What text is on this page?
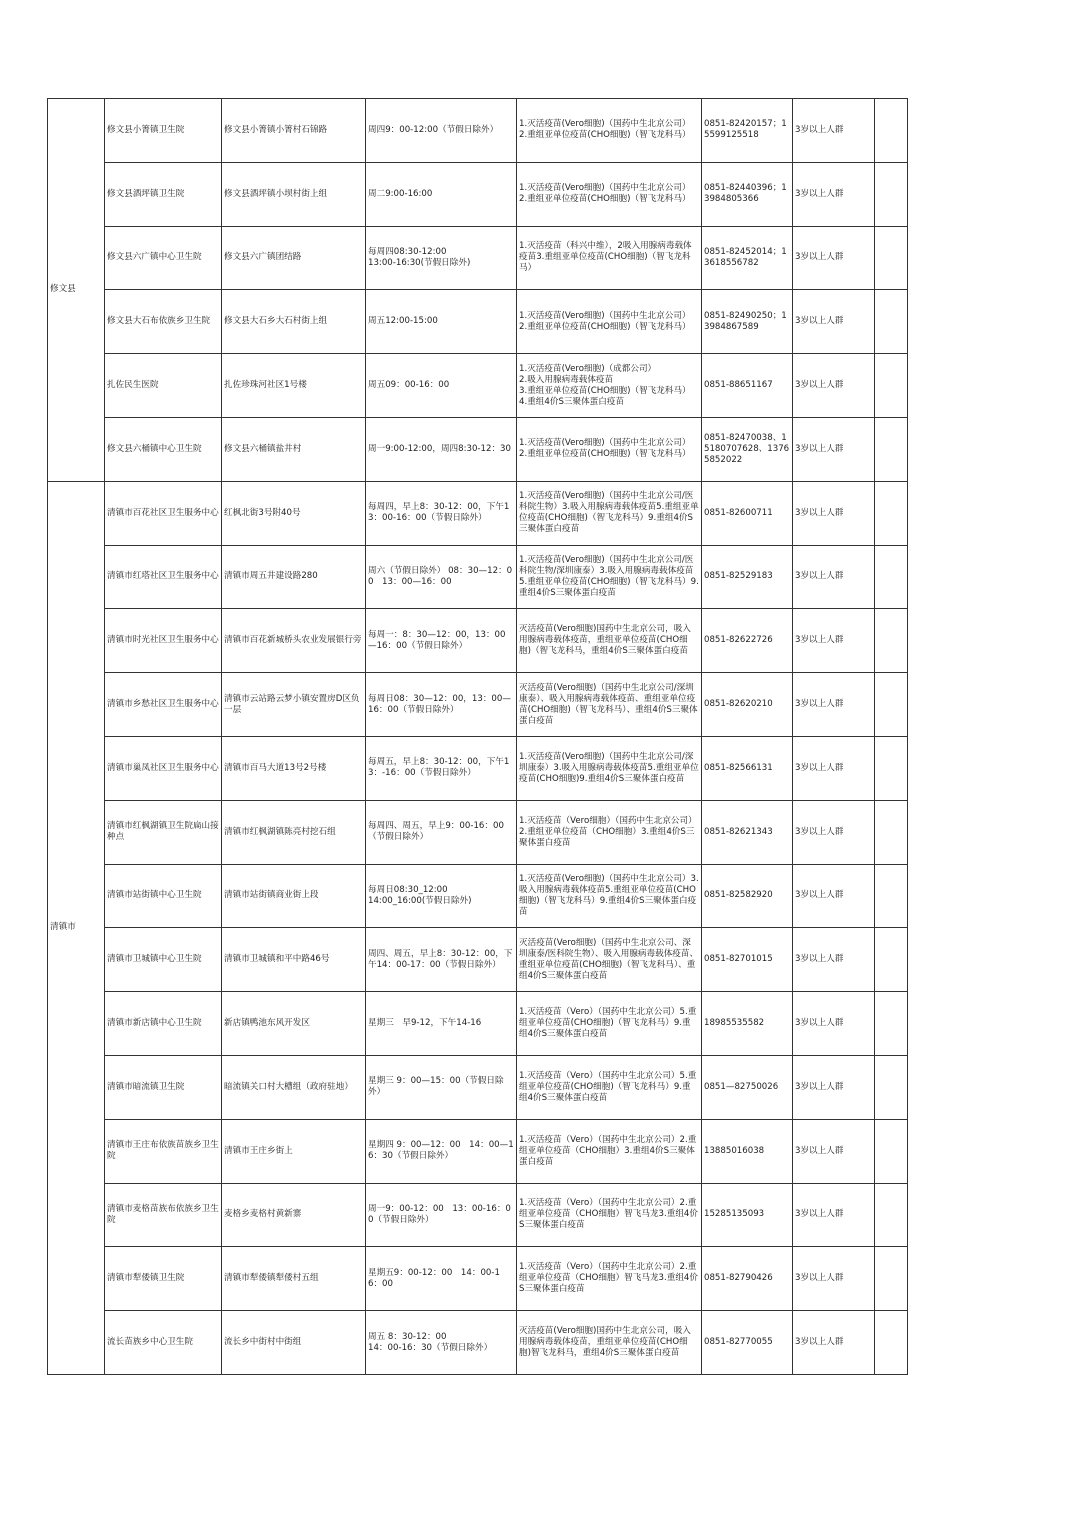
修文县	修文县小箐镇卫生院	修文县小箐镇小箐村石锦路	周四9：00-12:00（节假日除外）	1.灭活疫苗(Vero细胞)（国药中生北京公司）
2.重组亚单位疫苗(CHO细胞)（智飞龙科马）	0851-82420157；15599125518	3岁以上人群	
	修文县酒坪镇卫生院	修文县酒坪镇小坝村街上组	周二9:00-16:00	1.灭活疫苗(Vero细胞)（国药中生北京公司）
2.重组亚单位疫苗(CHO细胞)（智飞龙科马）	0851-82440396；13984805366	3岁以上人群	
	修文县六广镇中心卫生院	修文县六广镇团结路	每周四08:30-12:00
13:00-16:30(节假日除外)	1.灭活疫苗（科兴中维），2吸入用腺病毒载体疫苗3.重组亚单位疫苗(CHO细胞)（智飞龙科马）	0851-82452014；13618556782	3岁以上人群	
	修文县大石布依族乡卫生院	修文县大石乡大石村街上组	周五12:00-15:00	1.灭活疫苗(Vero细胞)（国药中生北京公司）
2.重组亚单位疫苗(CHO细胞)（智飞龙科马）	0851-82490250；13984867589	3岁以上人群	
	扎佐民生医院	扎佐珍珠河社区1号楼	周五09：00-16：00	1.灭活疫苗(Vero细胞)（成都公司）
2.吸入用腺病毒载体疫苗
3.重组亚单位疫苗(CHO细胞)（智飞龙科马）
4.重组4价S三聚体蛋白疫苗	0851-88651167	3岁以上人群	
	修文县六桶镇中心卫生院	修文县六桶镇盐井村	周一9:00-12:00，周四8:30-12：30	1.灭活疫苗(Vero细胞)（国药中生北京公司）
2.重组亚单位疫苗(CHO细胞)（智飞龙科马）	0851-82470038、15180707628、13765852022	3岁以上人群	
清镇市	清镇市百花社区卫生服务中心	红枫北街3号附40号	每周四，早上8：30-12：00，下午13：00-16：00（节假日除外）	1.灭活疫苗(Vero细胞)（国药中生北京公司/医科院生物）3.吸入用腺病毒载体疫苗5.重组亚单位疫苗(CHO细胞)（智飞龙科马）9.重组4价S三聚体蛋白疫苗	0851-82600711	3岁以上人群	
	清镇市红塔社区卫生服务中心	清镇市周五井建设路280	周六（节假日除外） 08：30—12：00　13：00—16：00	1.灭活疫苗(Vero细胞)（国药中生北京公司/医科院生物/深圳康泰）3.吸入用腺病毒载体疫苗5.重组亚单位疫苗(CHO细胞)（智飞龙科马）9.重组4价S三聚体蛋白疫苗	0851-82529183	3岁以上人群	
	清镇市时光社区卫生服务中心	清镇市百花新城桥头农业发展银行旁	每周一：8：30—12：00，13：00—16：00（节假日除外）	灭活疫苗(Vero细胞)国药中生北京公司，吸入用腺病毒载体疫苗，重组亚单位疫苗(CHO细胞)（智飞龙科马，重组4价S三聚体蛋白疫苗	0851-82622726	3岁以上人群	
	清镇市乡愁社区卫生服务中心	清镇市云站路云梦小镇安置房D区负一层	每周日08：30—12：00，13：00—16：00（节假日除外）	灭活疫苗(Vero细胞)（国药中生北京公司/深圳康泰）、吸入用腺病毒载体疫苗、重组亚单位疫苗(CHO细胞)（智飞龙科马）、重组4价S三聚体蛋白疫苗	0851-82620210	3岁以上人群	
	清镇市巢凤社区卫生服务中心	清镇市百马大道13号2号楼	每周五，早上8：30-12：00，下午13：-16：00（节假日除外）	1.灭活疫苗(Vero细胞)（国药中生北京公司/深圳康泰）3.吸入用腺病毒载体疫苗5.重组亚单位疫苗(CHO细胞)9.重组4价S三聚体蛋白疫苗	0851-82566131	3岁以上人群	
	清镇市红枫湖镇卫生院扁山接种点	清镇市红枫湖镇陈亮村挖石组	每周四、周五，早上9：00-16：00（节假日除外）	1.灭活疫苗（Vero细胞）（国药中生北京公司）2.重组亚单位疫苗（CHO细胞）3.重组4价S三聚体蛋白疫苗	0851-82621343	3岁以上人群	
	清镇市站街镇中心卫生院	清镇市站街镇商业街上段	每周日08:30_12:00
14:00_16:00(节假日除外)	1.灭活疫苗(Vero细胞)（国药中生北京公司）3.吸入用腺病毒载体疫苗5.重组亚单位疫苗(CHO细胞)（智飞龙科马）9.重组4价S三聚体蛋白疫苗	0851-82582920	3岁以上人群	
	清镇市卫城镇中心卫生院	清镇市卫城镇和平中路46号	周四、周五，早上8：30-12：00，下午14：00-17：00（节假日除外）	灭活疫苗(Vero细胞)（国药中生北京公司、深圳康泰/医科院生物）、吸入用腺病毒载体疫苗、重组亚单位疫苗(CHO细胞)（智飞龙科马）、重组4价S三聚体蛋白疫苗	0851-82701015	3岁以上人群	
	清镇市新店镇中心卫生院	新店镇鸭池东风开发区	星期三　早9-12，下午14-16	1.灭活疫苗（Vero）（国药中生北京公司）5.重组亚单位疫苗(CHO细胞)（智飞龙科马）9.重组4价S三聚体蛋白疫苗	18985535582	3岁以上人群	
	清镇市暗流镇卫生院	暗流镇关口村大槽组（政府驻地）	星期三 9：00—15：00（节假日除外）	1.灭活疫苗（Vero）（国药中生北京公司）5.重组亚单位疫苗(CHO细胞)（智飞龙科马）9.重组4价S三聚体蛋白疫苗	0851—82750026	3岁以上人群	
	清镇市王庄布依族苗族乡卫生院	清镇市王庄乡街上	星期四 9：00—12：00　14：00—16：30（节假日除外）	1.灭活疫苗（Vero）（国药中生北京公司）2.重组亚单位疫苗（CHO细胞）3.重组4价S三聚体蛋白疫苗	13885016038	3岁以上人群	
	清镇市麦格苗族布依族乡卫生院	麦格乡麦格村黄新寨	周一9：00-12：00　13：00-16：00（节假日除外）	1.灭活疫苗（Vero）（国药中生北京公司）2.重组亚单位疫苗（CHO细胞）智飞马龙3.重组4价S三聚体蛋白疫苗	15285135093	3岁以上人群	
	清镇市犁倭镇卫生院	清镇市犁倭镇犁倭村五组	星期五9：00-12：00　14：00-16：00	1.灭活疫苗（Vero）（国药中生北京公司）2.重组亚单位疫苗（CHO细胞）智飞马龙3.重组4价S三聚体蛋白疫苗	0851-82790426	3岁以上人群	
	流长苗族乡中心卫生院	流长乡中街村中街组	周五 8：30-12：00
14：00-16：30（节假日除外）	灭活疫苗(Vero细胞)国药中生北京公司，吸入用腺病毒载体疫苗，重组亚单位疫苗(CHO细胞)智飞龙科马，重组4价S三聚体蛋白疫苗	0851-82770055	3岁以上人群	
